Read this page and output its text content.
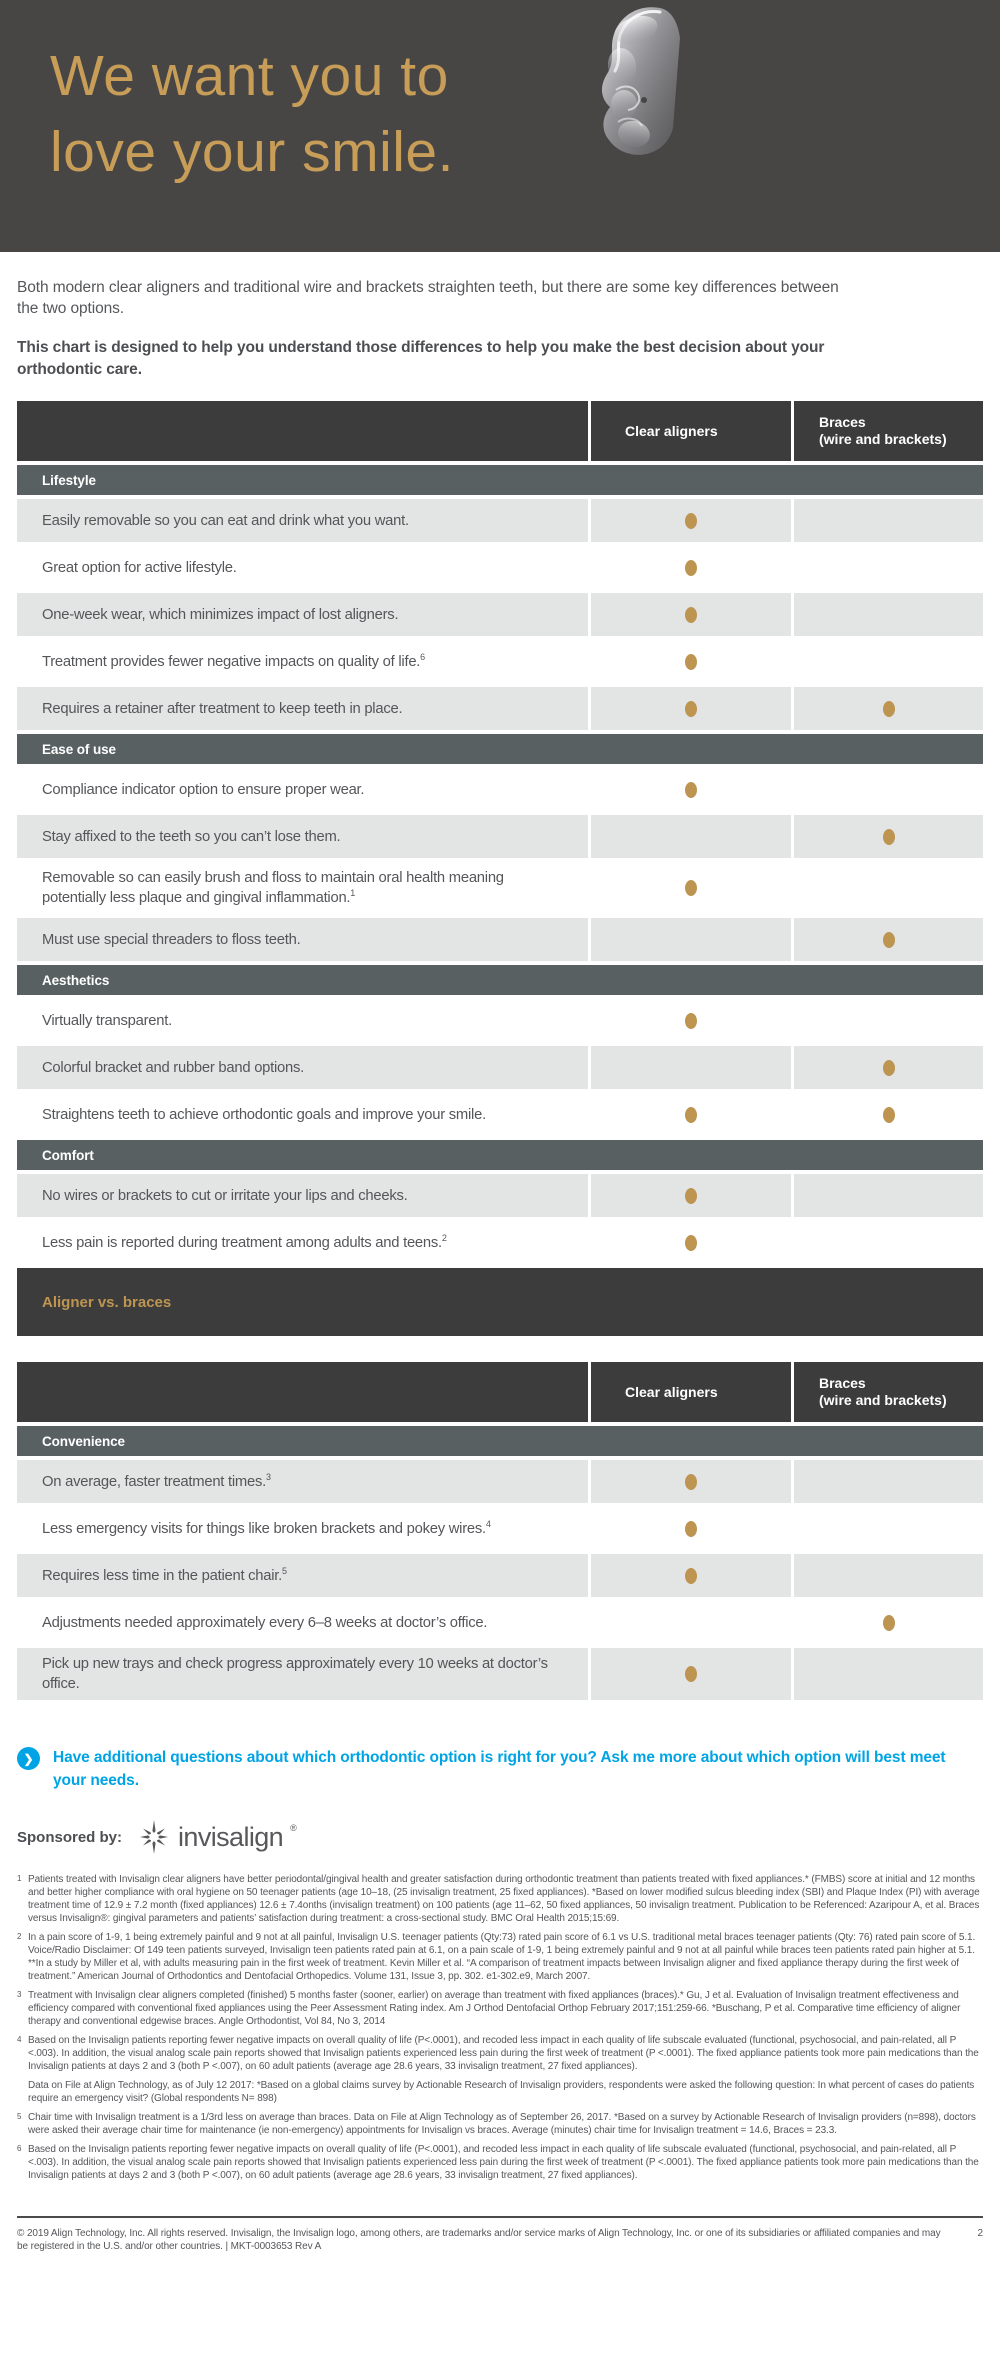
We want you to
love your smile.

Both modern clear aligners and traditional wire and brackets straighten teeth, but there are some key differences between the two options.

This chart is designed to help you understand those differences to help you make the best decision about your orthodontic care.

Clear aligners
Braces
(wire and brackets)
Lifestyle
Easily removable so you can eat and drink what you want.
Great option for active lifestyle.
One-week wear, which minimizes impact of lost aligners.
Treatment provides fewer negative impacts on quality of life.$^6$
Requires a retainer after treatment to keep teeth in place.
Ease of use
Compliance indicator option to ensure proper wear.
Stay affixed to the teeth so you can’t lose them.
Removable so can easily brush and floss to maintain oral health meaning potentially less plaque and gingival inflammation.$^1$
Must use special threaders to floss teeth.
Aesthetics
Virtually transparent.
Colorful bracket and rubber band options.
Straightens teeth to achieve orthodontic goals and improve your smile.
Comfort
No wires or brackets to cut or irritate your lips and cheeks.
Less pain is reported during treatment among adults and teens.$^2$
Aligner vs. braces
Clear aligners
Braces
(wire and brackets)
Convenience
On average, faster treatment times.$^3$
Less emergency visits for things like broken brackets and pokey wires.$^4$
Requires less time in the patient chair.$^5$
Adjustments needed approximately every 6–8 weeks at doctor’s office.
Pick up new trays and check progress approximately every 10 weeks at doctor’s office.
❯	Have additional questions about which orthodontic option is right for you? Ask me more about which option will best meet your needs.
Sponsored by: invisalign ®
1 Patients treated with Invisalign clear aligners have better periodontal/gingival health and greater satisfaction during orthodontic treatment than patients treated with fixed appliances.* (FMBS) score at initial and 12 months and better higher compliance with oral hygiene on 50 teenager patients (age 10–18, (25 invisalign treatment, 25 fixed appliances). *Based on lower modified sulcus bleeding index (SBI) and Plaque Index (PI) with average treatment time of 12.9 ± 7.2 month (fixed appliances) 12.6 ± 7.4onths (invisalign treatment) on 100 patients (age 11–62, 50 fixed appliances, 50 invisalign treatment. Publication to be Referenced: Azaripour A, et al. Braces versus Invisalign®: gingival parameters and patients’ satisfaction during treatment: a cross-sectional study. BMC Oral Health 2015;15:69.
2 In a pain score of 1-9, 1 being extremely painful and 9 not at all painful, Invisalign U.S. teenager patients (Qty:73) rated pain score of 6.1 vs U.S. traditional metal braces teenager patients (Qty: 76) rated pain score of 5.1. Voice/Radio Disclaimer: Of 149 teen patients surveyed, Invisalign teen patients rated pain at 6.1, on a pain scale of 1-9, 1 being extremely painful and 9 not at all painful while braces teen patients rated pain higher at 5.1. **In a study by Miller et al, with adults measuring pain in the first week of treatment. Kevin Miller et al. “A comparison of treatment impacts between Invisalign aligner and fixed appliance therapy during the first week of treatment.” American Journal of Orthodontics and Dentofacial Orthopedics. Volume 131, Issue 3, pp. 302. e1-302.e9, March 2007.
3 Treatment with Invisalign clear aligners completed (finished) 5 months faster (sooner, earlier) on average than treatment with fixed appliances (braces).* Gu, J et al. Evaluation of Invisalign treatment effectiveness and efficiency compared with conventional fixed appliances using the Peer Assessment Rating index. Am J Orthod Dentofacial Orthop February 2017;151:259-66. *Buschang, P et al. Comparative time efficiency of aligner therapy and conventional edgewise braces. Angle Orthodontist, Vol 84, No 3, 2014
4 Based on the Invisalign patients reporting fewer negative impacts on overall quality of life (P<.0001), and recoded less impact in each quality of life subscale evaluated (functional, psychosocial, and pain-related, all P <.003). In addition, the visual analog scale pain reports showed that Invisalign patients experienced less pain during the first week of treatment (P <.0001). The fixed appliance patients took more pain medications than the Invisalign patients at days 2 and 3 (both P <.007), on 60 adult patients (average age 28.6 years, 33 invisalign treatment, 27 fixed appliances).
Data on File at Align Technology, as of July 12 2017: *Based on a global claims survey by Actionable Research of Invisalign providers, respondents were asked the following question: In what percent of cases do patients require an emergency visit? (Global respondents N= 898)
5 Chair time with Invisalign treatment is a 1/3rd less on average than braces. Data on File at Align Technology as of September 26, 2017. *Based on a survey by Actionable Research of Invisalign providers (n=898), doctors were asked their average chair time for maintenance (ie non-emergency) appointments for Invisalign vs braces. Average (minutes) chair time for Invisalign treatment = 14.6, Braces = 23.3.
6 Based on the Invisalign patients reporting fewer negative impacts on overall quality of life (P<.0001), and recoded less impact in each quality of life subscale evaluated (functional, psychosocial, and pain-related, all P <.003). In addition, the visual analog scale pain reports showed that Invisalign patients experienced less pain during the first week of treatment (P <.0001). The fixed appliance patients took more pain medications than the Invisalign patients at days 2 and 3 (both P <.007), on 60 adult patients (average age 28.6 years, 33 invisalign treatment, 27 fixed appliances).
© 2019 Align Technology, Inc. All rights reserved. Invisalign, the Invisalign logo, among others, are trademarks and/or service marks of Align Technology, Inc. or one of its subsidiaries or affiliated companies and may be registered in the U.S. and/or other countries. | MKT-0003653 Rev A
2
